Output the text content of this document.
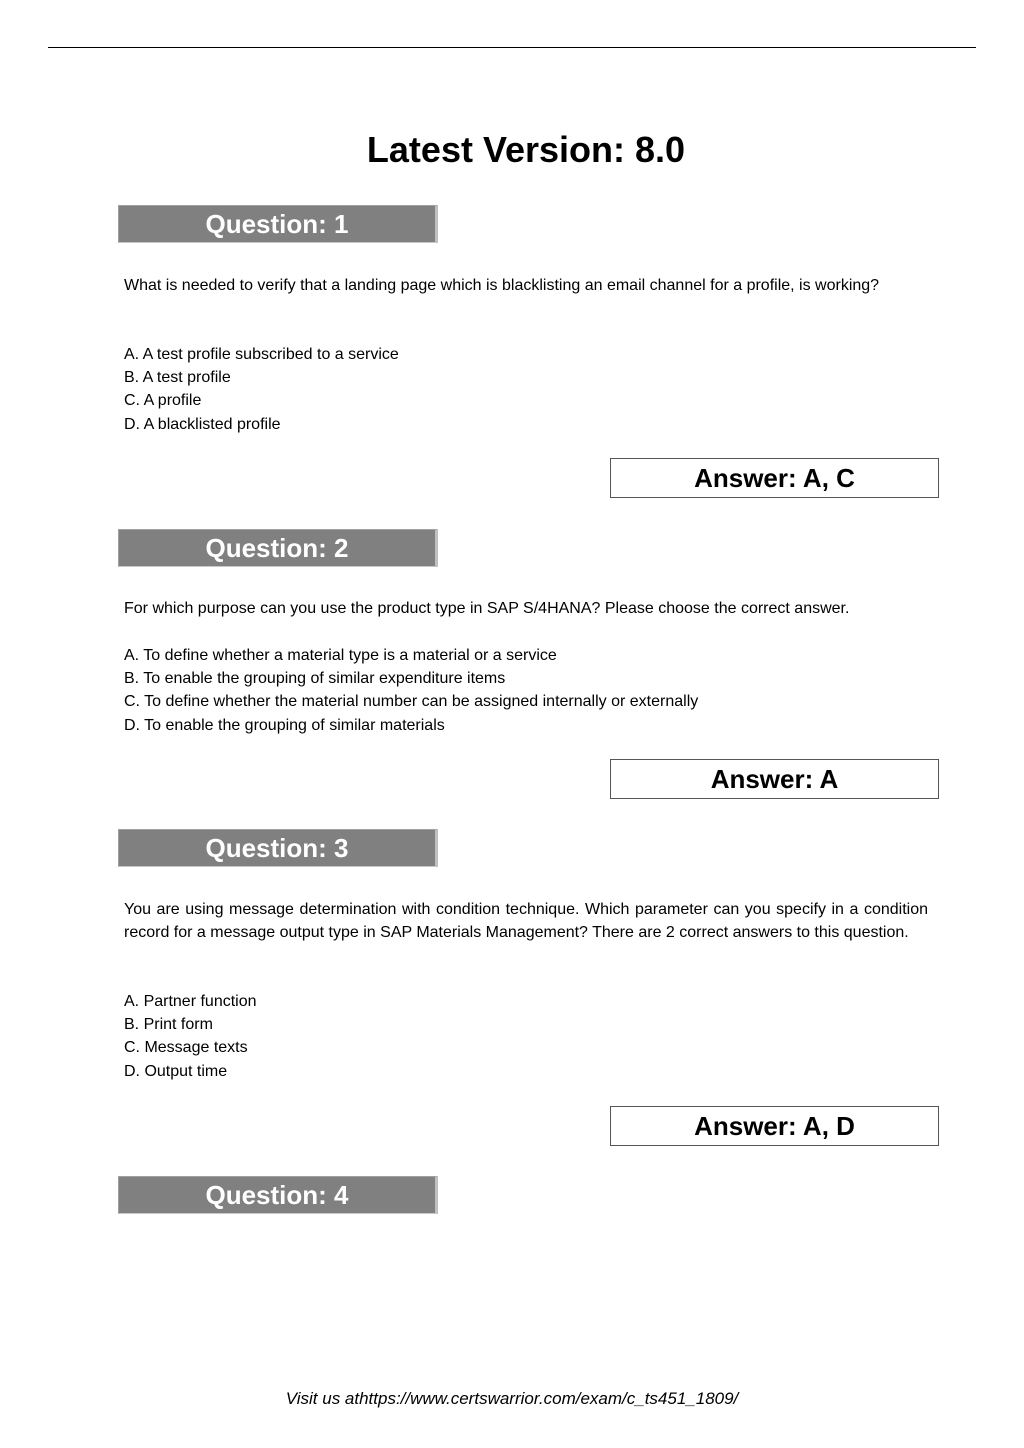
Latest Version: 8.0
Question: 1

What is needed to verify that a landing page which is blacklisting an email channel for a profile, is working?

A. A test profile subscribed to a service
B. A test profile
C. A profile
D. A blacklisted profile
Answer: A, C
Question: 2

For which purpose can you use the product type in SAP S/4HANA? Please choose the correct answer.

A. To define whether a material type is a material or a service
B. To enable the grouping of similar expenditure items
C. To define whether the material number can be assigned internally or externally
D. To enable the grouping of similar materials
Answer: A
Question: 3

You are using message determination with condition technique. Which parameter can you specify in a condition record for a message output type in SAP Materials Management? There are 2 correct answers to this question.

A. Partner function
B. Print form
C. Message texts
D. Output time
Answer: A, D
Question: 4
Visit us athttps://www.certswarrior.com/exam/c_ts451_1809/
